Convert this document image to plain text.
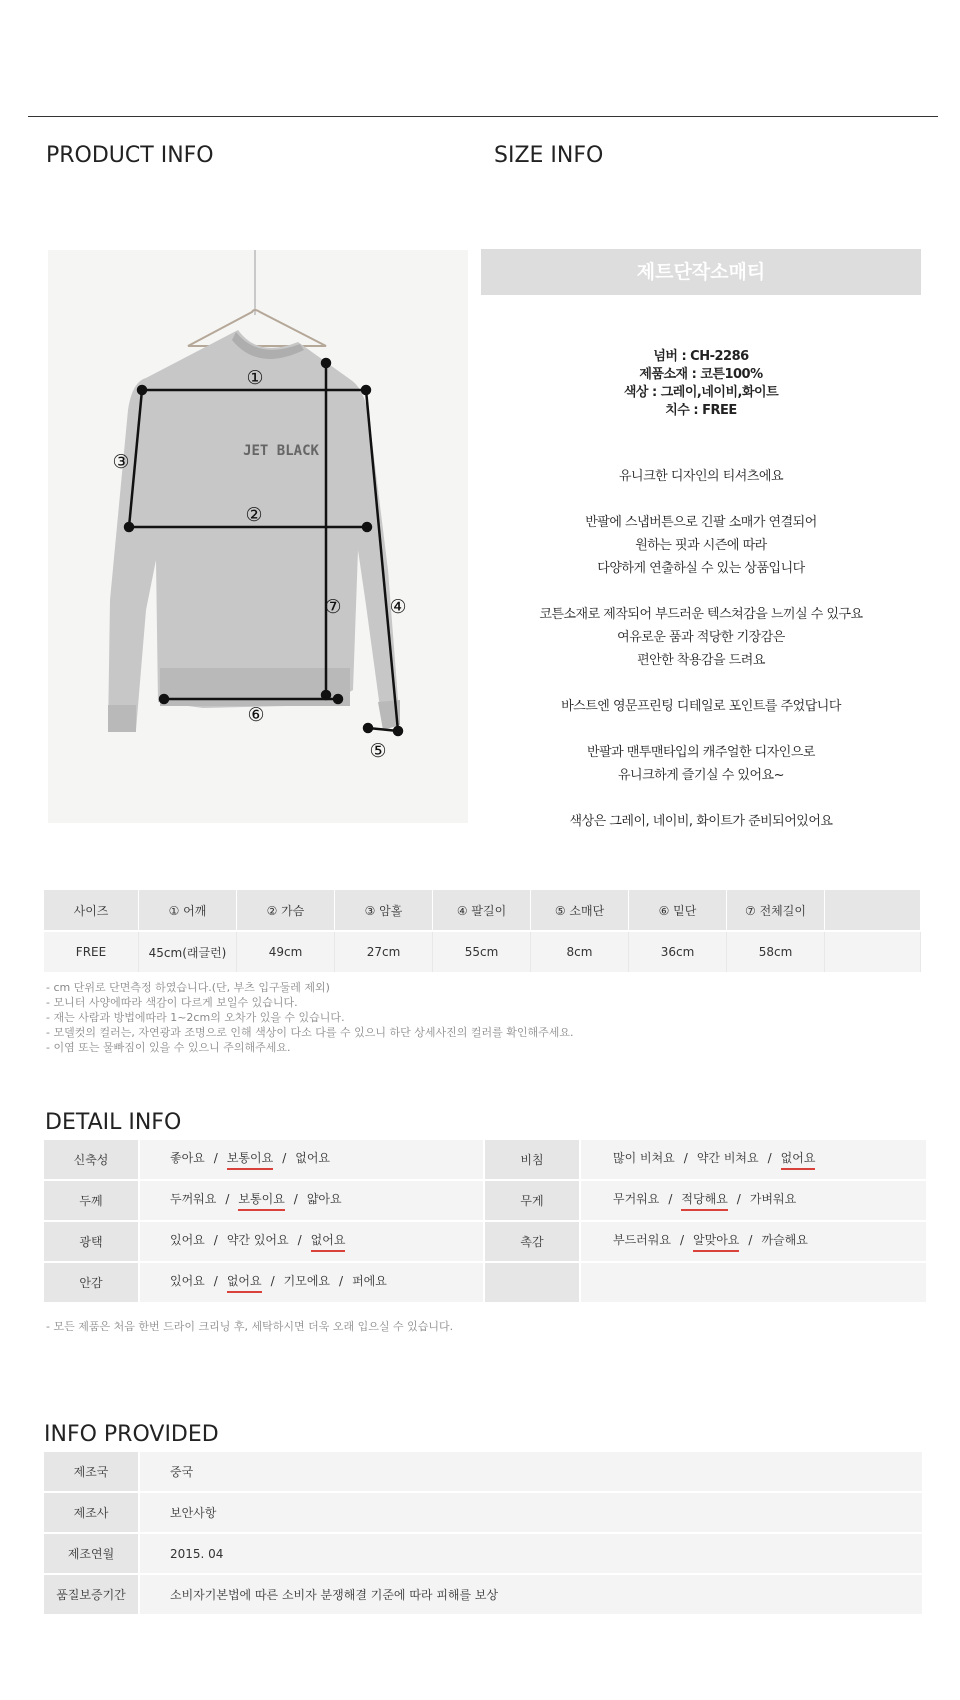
PRODUCT INFO	SIZE INFO
JET BLACK
①
②
③
④
⑤
⑥
⑦
제트단작소매티
넘버 : CH-2286
제품소재 : 코튼100%
색상 : 그레이,네이비,화이트
치수 : FREE

유니크한 디자인의 티셔츠에요

반팔에 스냅버튼으로 긴팔 소매가 연결되어
원하는 핏과 시즌에 따라
다양하게 연출하실 수 있는 상품입니다

코튼소재로 제작되어 부드러운 텍스쳐감을 느끼실 수 있구요
여유로운 품과 적당한 기장감은
편안한 착용감을 드려요

바스트엔 영문프린팅 디테일로 포인트를 주었답니다

반팔과 맨투맨타입의 캐주얼한 디자인으로
유니크하게 즐기실 수 있어요~

색상은 그레이, 네이비, 화이트가 준비되어있어요

사이즈	① 어깨	② 가슴	③ 암홀	④ 팔길이	⑤ 소매단	⑥ 밑단	⑦ 전체길이	
FREE	45cm(래글런)	49cm	27cm	55cm	8cm	36cm	58cm	
- cm 단위로 단면측정 하였습니다.(단, 부츠 입구둘레 제외)
- 모니터 사양에따라 색감이 다르게 보일수 있습니다.
- 재는 사람과 방법에따라 1~2cm의 오차가 있을 수 있습니다.
- 모델컷의 컬러는, 자연광과 조명으로 인해 색상이 다소 다를 수 있으니 하단 상세사진의 컬러를 확인해주세요.
- 이염 또는 물빠짐이 있을 수 있으니 주의해주세요.
DETAIL INFO
신축성	좋아요 / 보통이요 / 없어요	비침	많이 비쳐요 / 약간 비쳐요 / 없어요
두께	두꺼워요 / 보통이요 / 얇아요	무게	무거워요 / 적당해요 / 가벼워요
광택	있어요 / 약간 있어요 / 없어요	촉감	부드러워요 / 알맞아요 / 까슬해요
안감	있어요 / 없어요 / 기모에요 / 퍼에요		
- 모든 제품은 처음 한번 드라이 크리닝 후, 세탁하시면 더욱 오래 입으실 수 있습니다.
INFO PROVIDED
제조국	중국
제조사	보안사항
제조연월	2015. 04
품질보증기간	소비자기본법에 따른 소비자 분쟁해결 기준에 따라 피해를 보상
